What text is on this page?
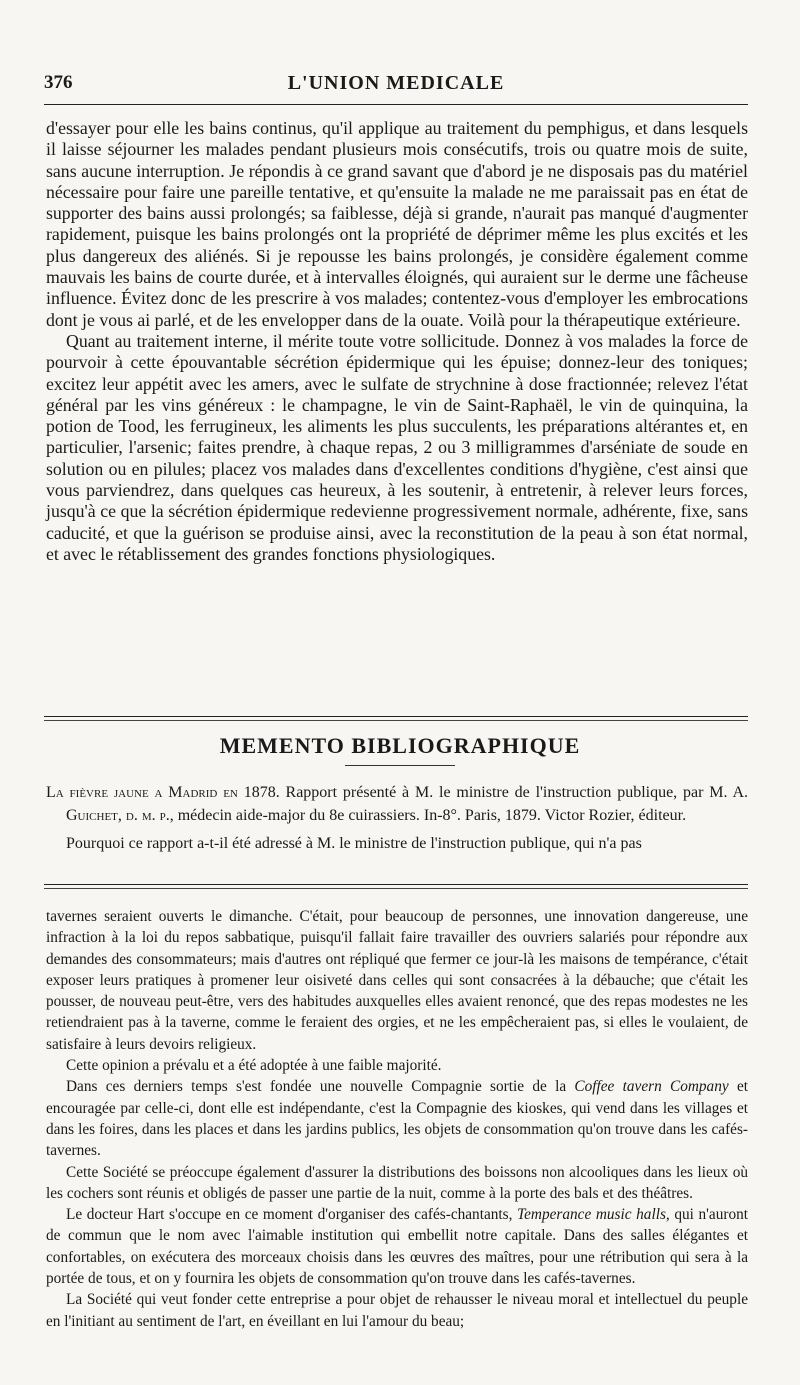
376	L'UNION MEDICALE

d'essayer pour elle les bains continus, qu'il applique au traitement du pemphigus, et dans lesquels il laisse séjourner les malades pendant plusieurs mois consécutifs, trois ou quatre mois de suite, sans aucune interruption. Je répondis à ce grand savant que d'abord je ne disposais pas du matériel nécessaire pour faire une pareille tentative, et qu'ensuite la malade ne me paraissait pas en état de supporter des bains aussi prolongés; sa faiblesse, déjà si grande, n'aurait pas manqué d'augmenter rapidement, puisque les bains prolongés ont la propriété de déprimer même les plus excités et les plus dangereux des aliénés. Si je repousse les bains prolongés, je considère également comme mauvais les bains de courte durée, et à intervalles éloignés, qui auraient sur le derme une fâcheuse influence. Évitez donc de les prescrire à vos malades; contentez-vous d'employer les embrocations dont je vous ai parlé, et de les envelopper dans de la ouate. Voilà pour la thérapeutique extérieure.

Quant au traitement interne, il mérite toute votre sollicitude. Donnez à vos malades la force de pourvoir à cette épouvantable sécrétion épidermique qui les épuise; donnez-leur des toniques; excitez leur appétit avec les amers, avec le sulfate de strychnine à dose fractionnée; relevez l'état général par les vins généreux : le champagne, le vin de Saint-Raphaël, le vin de quinquina, la potion de Tood, les ferrugineux, les aliments les plus succulents, les préparations altérantes et, en particulier, l'arsenic; faites prendre, à chaque repas, 2 ou 3 milligrammes d'arséniate de soude en solution ou en pilules; placez vos malades dans d'excellentes conditions d'hygiène, c'est ainsi que vous parviendrez, dans quelques cas heureux, à les soutenir, à entretenir, à relever leurs forces, jusqu'à ce que la sécrétion épidermique redevienne progressivement normale, adhérente, fixe, sans caducité, et que la guérison se produise ainsi, avec la reconstitution de la peau à son état normal, et avec le rétablissement des grandes fonctions physiologiques.

MEMENTO BIBLIOGRAPHIQUE

La fièvre jaune a Madrid en 1878. Rapport présenté à M. le ministre de l'instruction publique, par M. A. Guichet, d. m. p., médecin aide-major du 8e cuirassiers. In-8°. Paris, 1879. Victor Rozier, éditeur.

Pourquoi ce rapport a-t-il été adressé à M. le ministre de l'instruction publique, qui n'a pas

tavernes seraient ouverts le dimanche. C'était, pour beaucoup de personnes, une innovation dangereuse, une infraction à la loi du repos sabbatique, puisqu'il fallait faire travailler des ouvriers salariés pour répondre aux demandes des consommateurs; mais d'autres ont répliqué que fermer ce jour-là les maisons de tempérance, c'était exposer leurs pratiques à promener leur oisiveté dans celles qui sont consacrées à la débauche; que c'était les pousser, de nouveau peut-être, vers des habitudes auxquelles elles avaient renoncé, que des repas modestes ne les retiendraient pas à la taverne, comme le feraient des orgies, et ne les empêcheraient pas, si elles le voulaient, de satisfaire à leurs devoirs religieux.

Cette opinion a prévalu et a été adoptée à une faible majorité.

Dans ces derniers temps s'est fondée une nouvelle Compagnie sortie de la Coffee tavern Company et encouragée par celle-ci, dont elle est indépendante, c'est la Compagnie des kioskes, qui vend dans les villages et dans les foires, dans les places et dans les jardins publics, les objets de consommation qu'on trouve dans les cafés-tavernes.

Cette Société se préoccupe également d'assurer la distributions des boissons non alcooliques dans les lieux où les cochers sont réunis et obligés de passer une partie de la nuit, comme à la porte des bals et des théâtres.

Le docteur Hart s'occupe en ce moment d'organiser des cafés-chantants, Temperance music halls, qui n'auront de commun que le nom avec l'aimable institution qui embellit notre capitale. Dans des salles élégantes et confortables, on exécutera des morceaux choisis dans les œuvres des maîtres, pour une rétribution qui sera à la portée de tous, et on y fournira les objets de consommation qu'on trouve dans les cafés-tavernes.

La Société qui veut fonder cette entreprise a pour objet de rehausser le niveau moral et intellectuel du peuple en l'initiant au sentiment de l'art, en éveillant en lui l'amour du beau;
